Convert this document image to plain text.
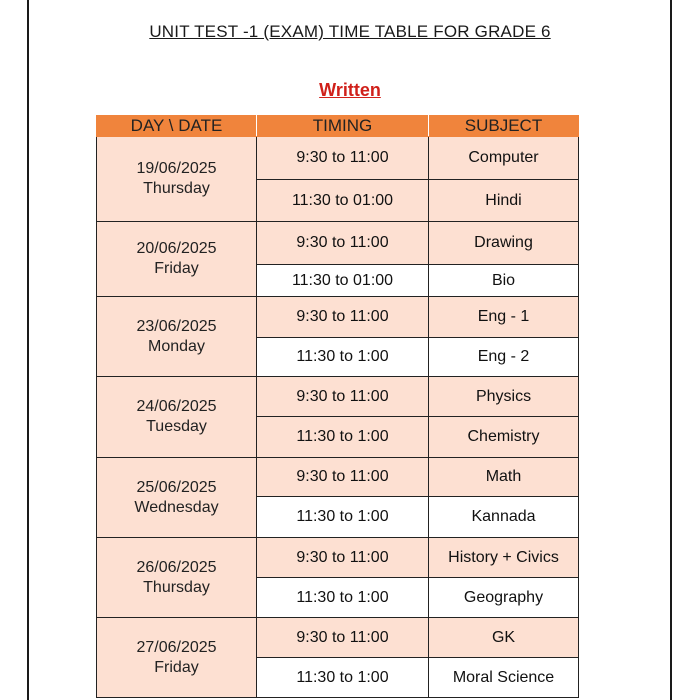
UNIT TEST -1 (EXAM) TIME TABLE FOR GRADE 6
Written
DAY \ DATE	TIMING	SUBJECT

19/06/2025
Thursday	9:30 to 11:00	Computer
	11:30 to 01:00	Hindi

20/06/2025
Friday	9:30 to 11:00	Drawing
	11:30 to 01:00	Bio

23/06/2025
Monday	9:30 to 11:00	Eng - 1
	11:30 to 1:00	Eng - 2

24/06/2025
Tuesday	9:30 to 11:00	Physics
	11:30 to 1:00	Chemistry

25/06/2025
Wednesday	9:30 to 11:00	Math
	11:30 to 1:00	Kannada

26/06/2025
Thursday	9:30 to 11:00	History + Civics
	11:30 to 1:00	Geography

27/06/2025
Friday	9:30 to 11:00	GK
	11:30 to 1:00	Moral Science
